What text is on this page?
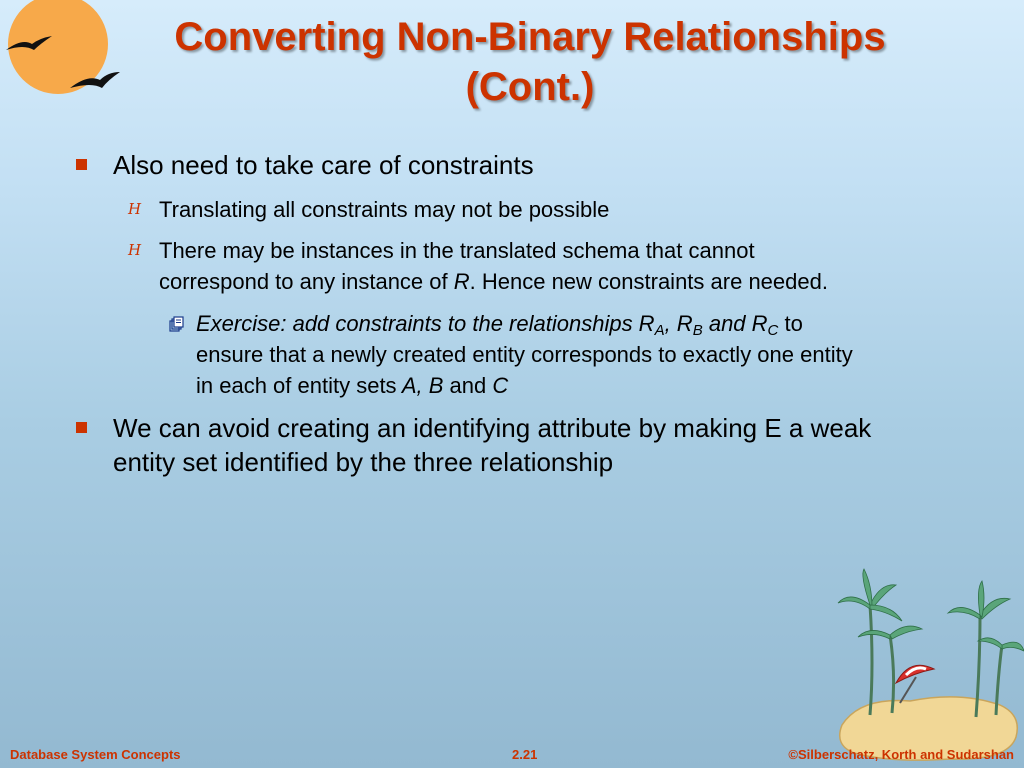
Converting Non-Binary Relationships
(Cont.)
Also need to take care of constraints
H Translating all constraints may not be possible
H There may be instances in the translated schema that cannot
correspond to any instance of R. Hence new constraints are needed.
Exercise: add constraints to the relationships $R_A$, $R_B$ and $R_C$ to
ensure that a newly created entity corresponds to exactly one entity
in each of entity sets A, B and C
We can avoid creating an identifying attribute by making E a weak
entity set identified by the three relationship
Database System Concepts	2.21	©Silberschatz, Korth and Sudarshan
